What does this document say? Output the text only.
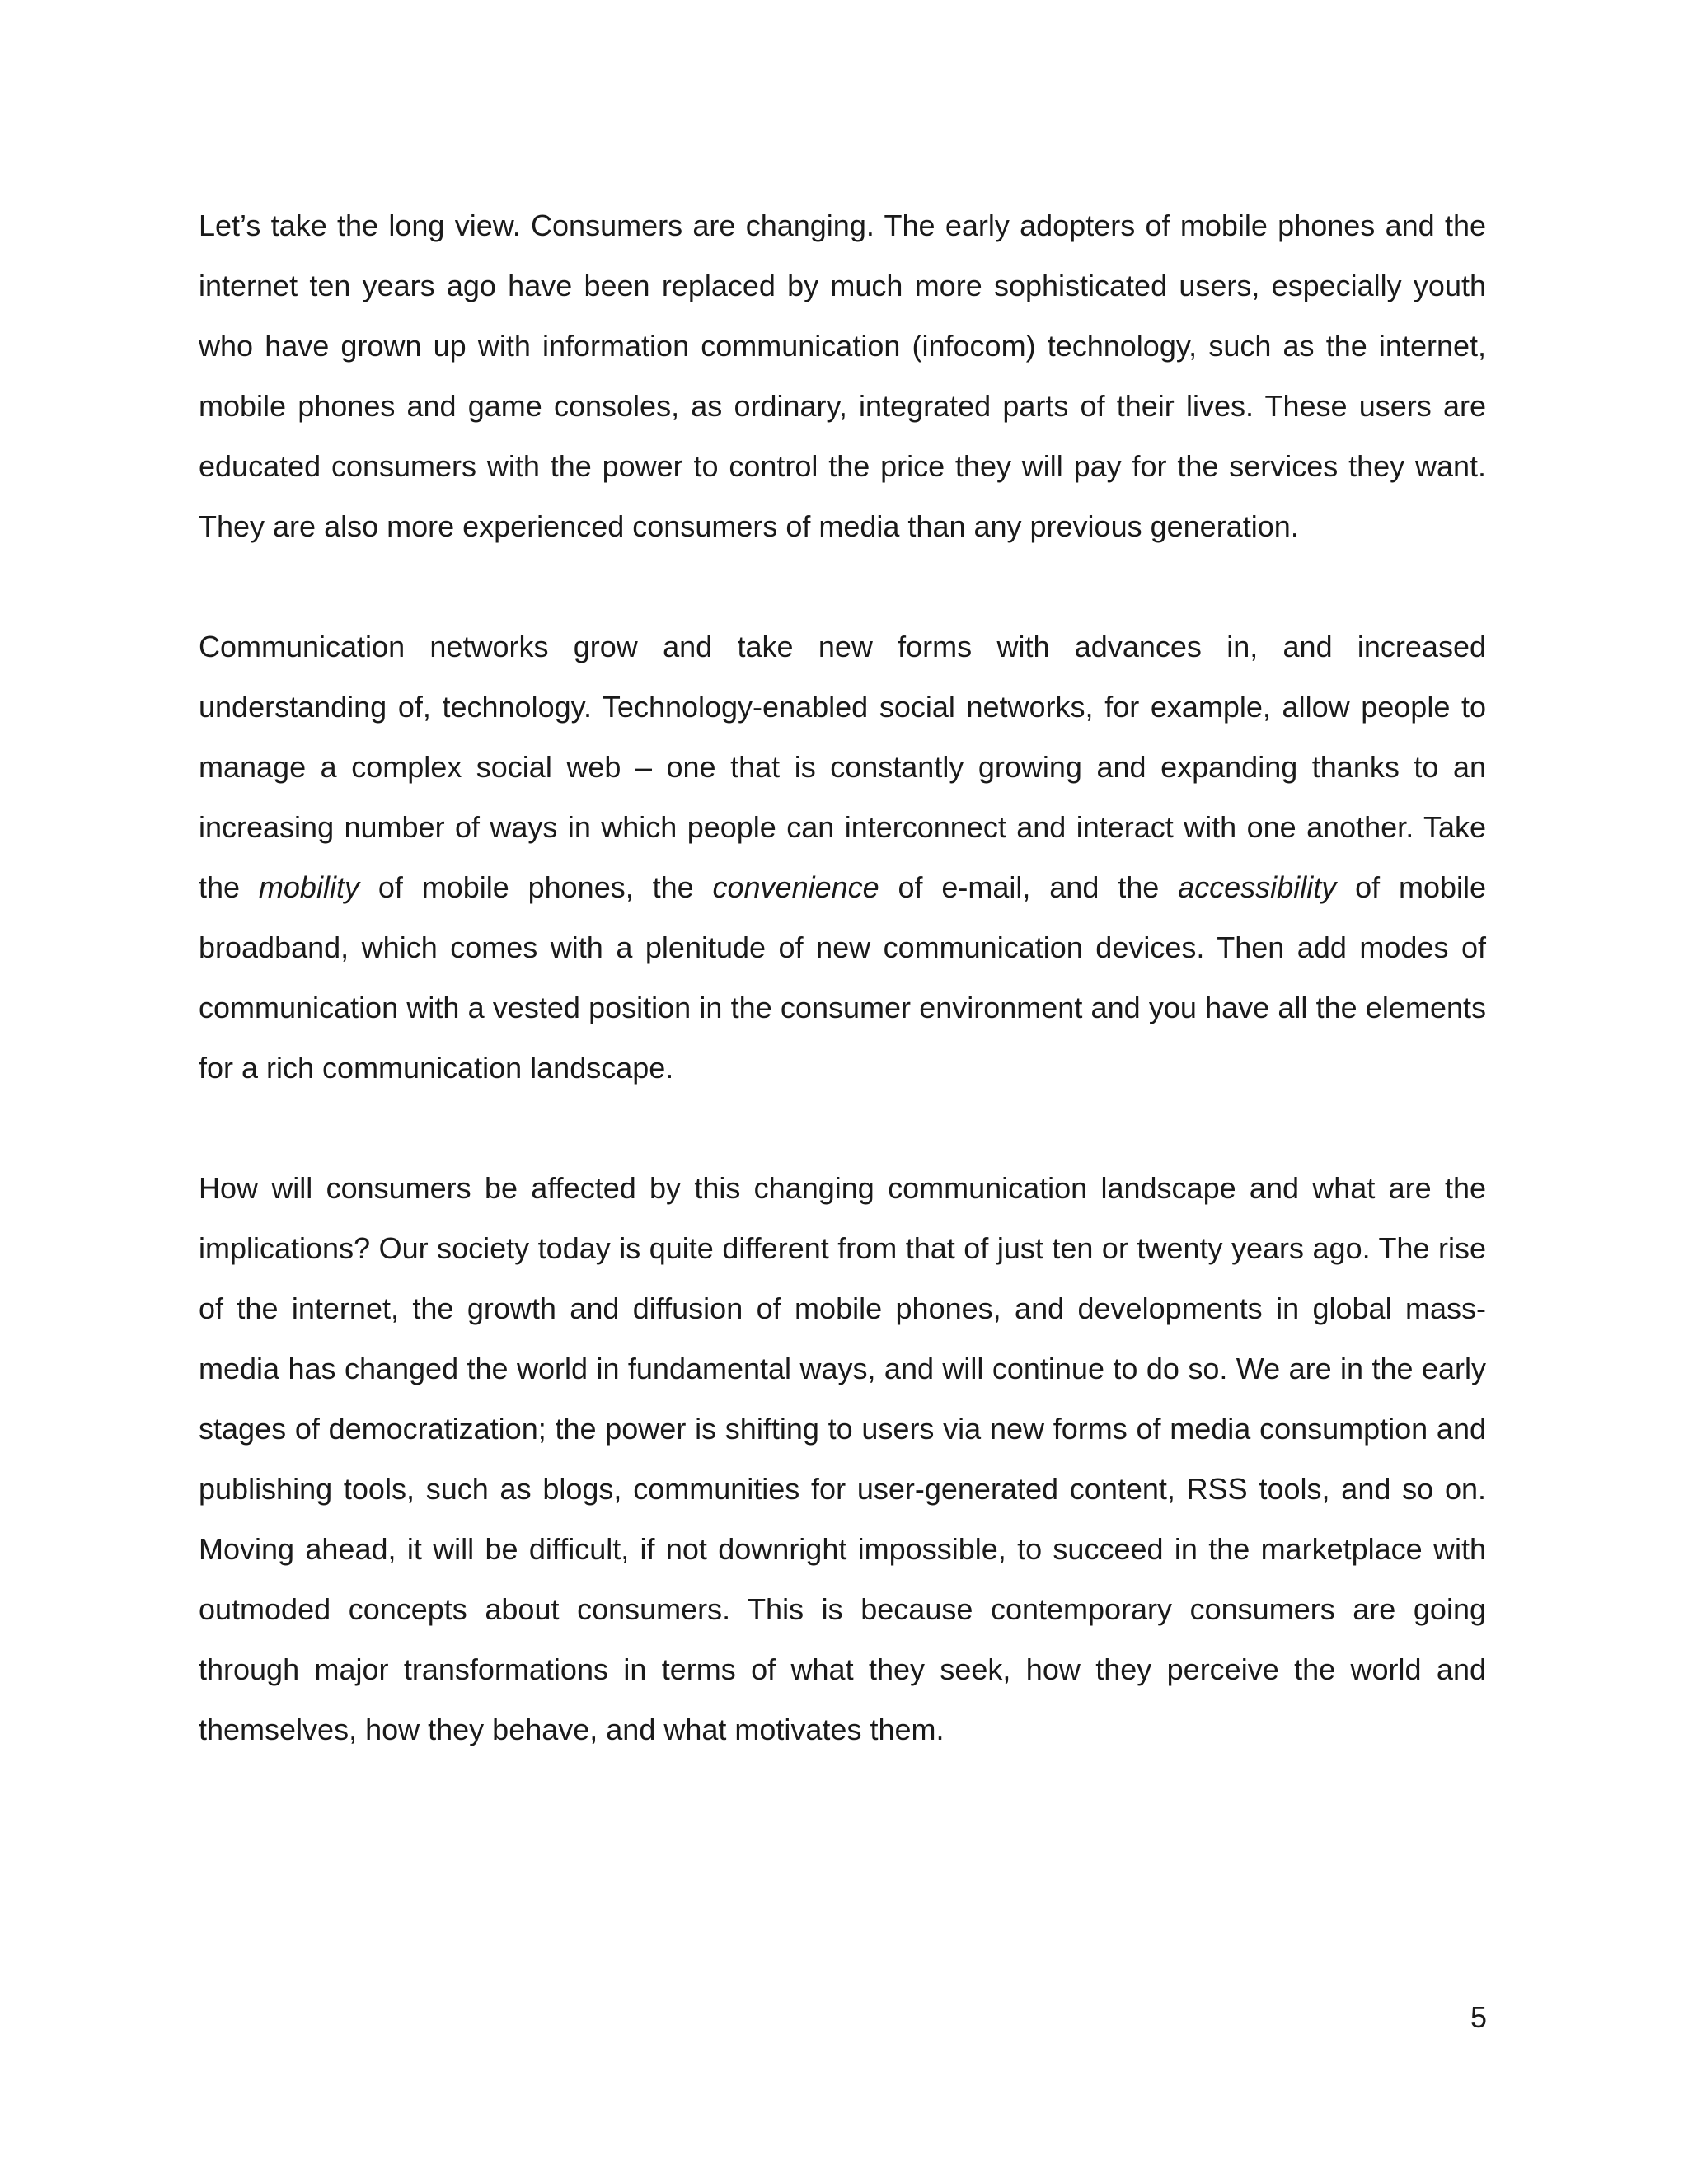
Let’s take the long view. Consumers are changing. The early adopters of mobile phones and the internet ten years ago have been replaced by much more sophisticated users, especially youth who have grown up with information communication (infocom) technology, such as the internet, mobile phones and game consoles, as ordinary, integrated parts of their lives. These users are educated consumers with the power to control the price they will pay for the services they want. They are also more experienced consumers of media than any previous generation.

Communication networks grow and take new forms with advances in, and increased understanding of, technology. Technology-enabled social networks, for example, allow people to manage a complex social web – one that is constantly growing and expanding thanks to an increasing number of ways in which people can interconnect and interact with one another. Take the mobility of mobile phones, the convenience of e-mail, and the accessibility of mobile broadband, which comes with a plenitude of new communication devices. Then add modes of communication with a vested position in the consumer environment and you have all the elements for a rich communication landscape.

How will consumers be affected by this changing communication landscape and what are the implications? Our society today is quite different from that of just ten or twenty years ago. The rise of the internet, the growth and diffusion of mobile phones, and developments in global mass-media has changed the world in fundamental ways, and will continue to do so. We are in the early stages of democratization; the power is shifting to users via new forms of media consumption and publishing tools, such as blogs, communities for user-generated content, RSS tools, and so on. Moving ahead, it will be difficult, if not downright impossible, to succeed in the marketplace with outmoded concepts about consumers. This is because contemporary consumers are going through major transformations in terms of what they seek, how they perceive the world and themselves, how they behave, and what motivates them.

5
